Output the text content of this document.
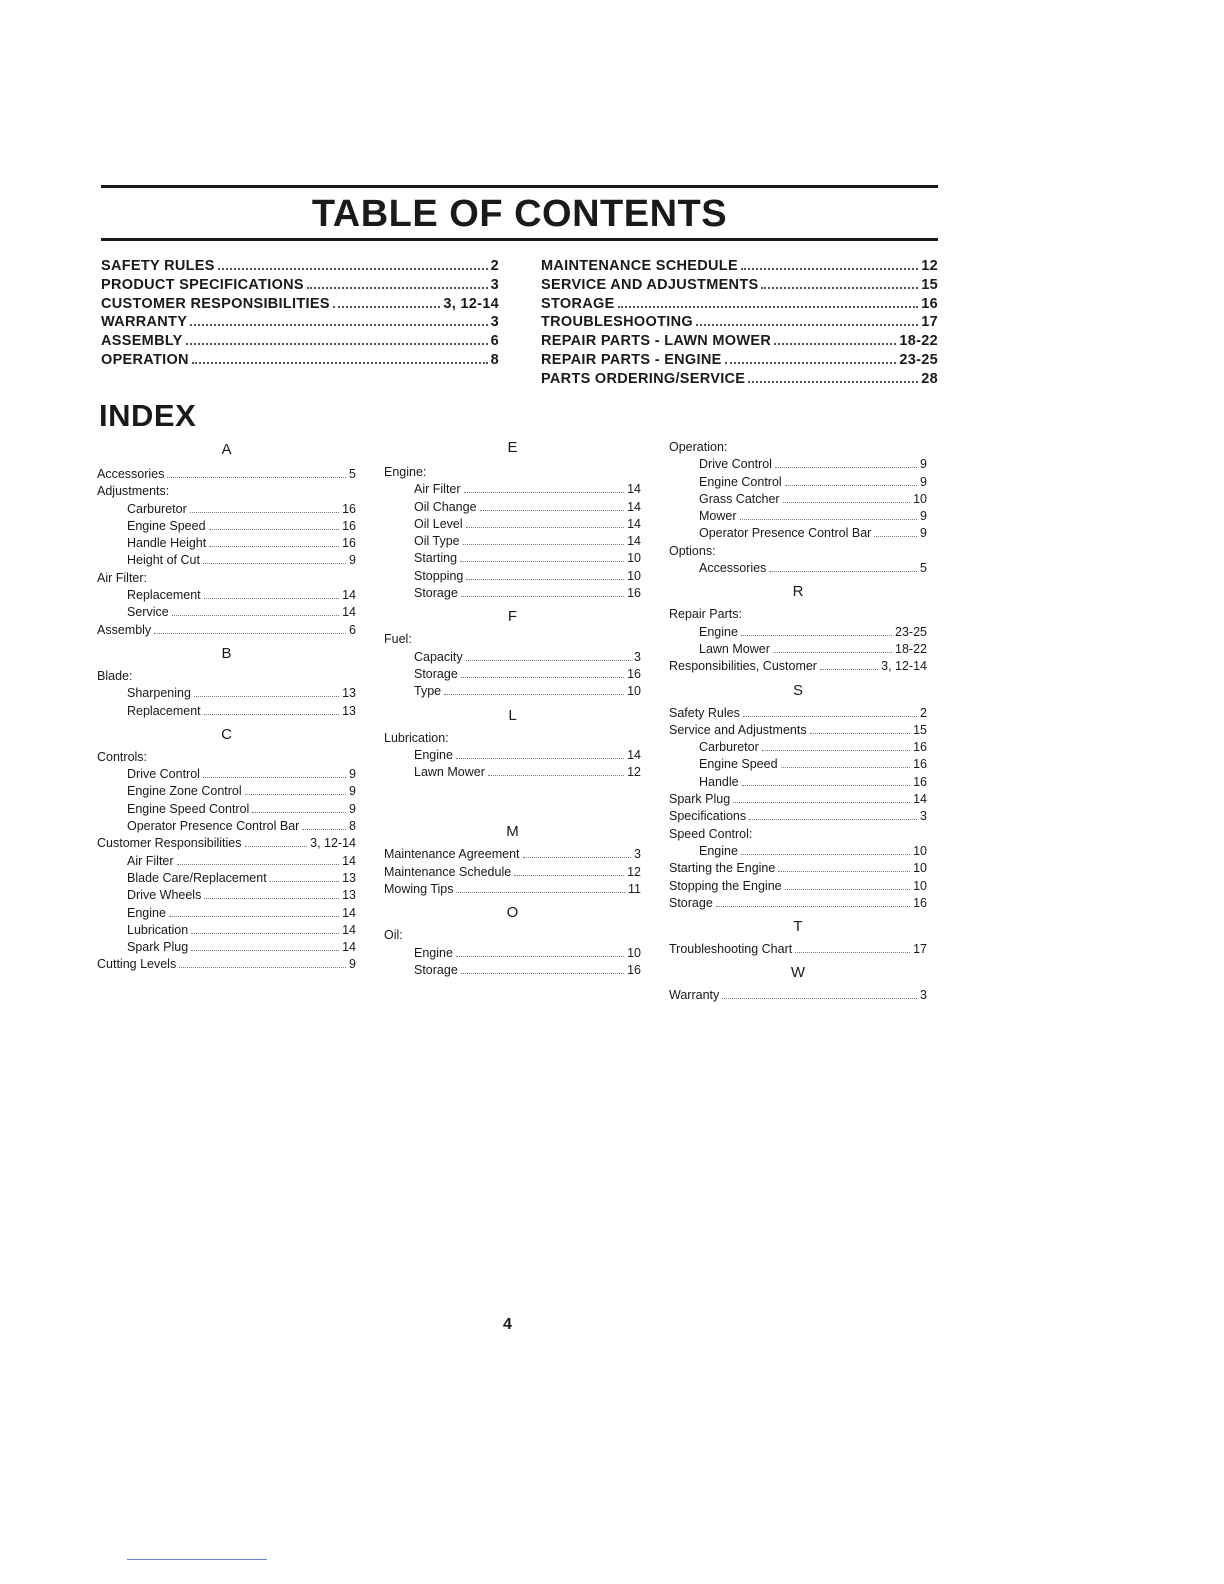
TABLE OF CONTENTS
SAFETY RULES	2
PRODUCT SPECIFICATIONS	3
CUSTOMER RESPONSIBILITIES	3, 12-14
WARRANTY	3
ASSEMBLY	6
OPERATION	8
MAINTENANCE SCHEDULE	12
SERVICE AND ADJUSTMENTS	15
STORAGE	16
TROUBLESHOOTING	17
REPAIR PARTS - LAWN MOWER	18-22
REPAIR PARTS - ENGINE	23-25
PARTS ORDERING/SERVICE	28
INDEX
A
Accessories	5
Adjustments:
Carburetor	16
Engine Speed	16
Handle Height	16
Height of Cut	9
Air Filter:
Replacement	14
Service	14
Assembly	6
B
Blade:
Sharpening	13
Replacement	13
C
Controls:
Drive Control	9
Engine Zone Control	9
Engine Speed Control	9
Operator Presence Control Bar	8
Customer Responsibilities	3, 12-14
Air Filter	14
Blade Care/Replacement	13
Drive Wheels	13
Engine	14
Lubrication	14
Spark Plug	14
Cutting Levels	9
E
Engine:
Air Filter	14
Oil Change	14
Oil Level	14
Oil Type	14
Starting	10
Stopping	10
Storage	16
F
Fuel:
Capacity	3
Storage	16
Type	10
L
Lubrication:
Engine	14
Lawn Mower	12
M
Maintenance Agreement	3
Maintenance Schedule	12
Mowing Tips	11
O
Oil:
Engine	10
Storage	16
Operation:
Drive Control	9
Engine Control	9
Grass Catcher	10
Mower	9
Operator Presence Control Bar	9
Options:
Accessories	5
R
Repair Parts:
Engine	23-25
Lawn Mower	18-22
Responsibilities, Customer	3, 12-14
S
Safety Rules	2
Service and Adjustments	15
Carburetor	16
Engine Speed	16
Handle	16
Spark Plug	14
Specifications	3
Speed Control:
Engine	10
Starting the Engine	10
Stopping the Engine	10
Storage	16
T
Troubleshooting Chart	17
W
Warranty	3
4
